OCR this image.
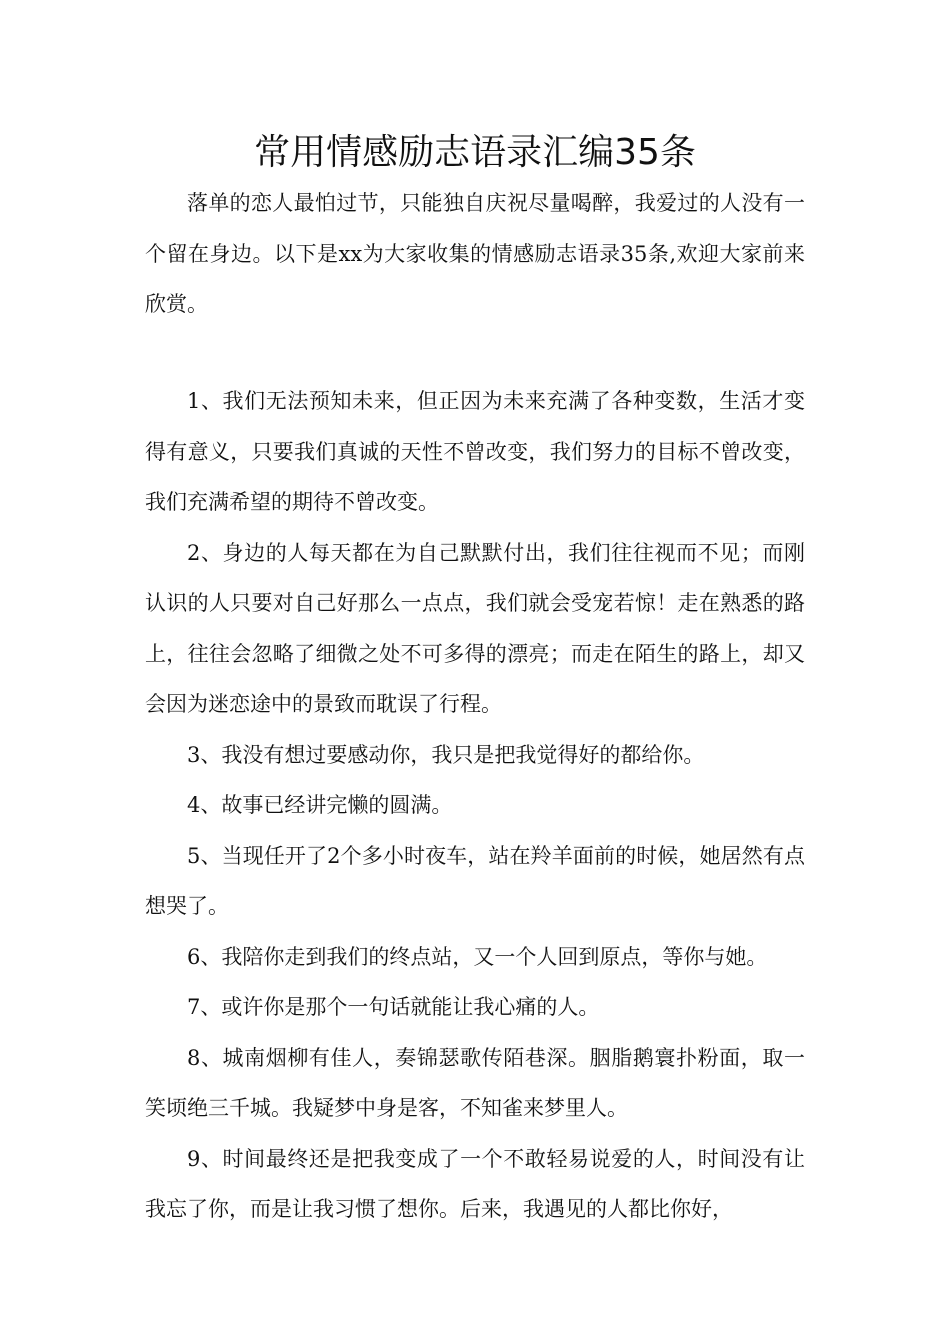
常用情感励志语录汇编35条

落单的恋人最怕过节，只能独自庆祝尽量喝醉，我爱过的人没有一个留在身边。以下是xx为大家收集的情感励志语录35条,欢迎大家前来欣赏。

1、我们无法预知未来，但正因为未来充满了各种变数，生活才变得有意义，只要我们真诚的天性不曾改变，我们努力的目标不曾改变，我们充满希望的期待不曾改变。

2、身边的人每天都在为自己默默付出，我们往往视而不见；而刚认识的人只要对自己好那么一点点，我们就会受宠若惊！走在熟悉的路上，往往会忽略了细微之处不可多得的漂亮；而走在陌生的路上，却又会因为迷恋途中的景致而耽误了行程。

3、我没有想过要感动你，我只是把我觉得好的都给你。

4、故事已经讲完懒的圆满。

5、当现任开了2个多小时夜车，站在羚羊面前的时候，她居然有点想哭了。

6、我陪你走到我们的终点站，又一个人回到原点，等你与她。

7、或许你是那个一句话就能让我心痛的人。

8、城南烟柳有佳人，奏锦瑟歌传陌巷深。胭脂鹅寰扑粉面，取一笑顷绝三千城。我疑梦中身是客，不知雀来梦里人。

9、时间最终还是把我变成了一个不敢轻易说爱的人，时间没有让我忘了你，而是让我习惯了想你。后来，我遇见的人都比你好，
